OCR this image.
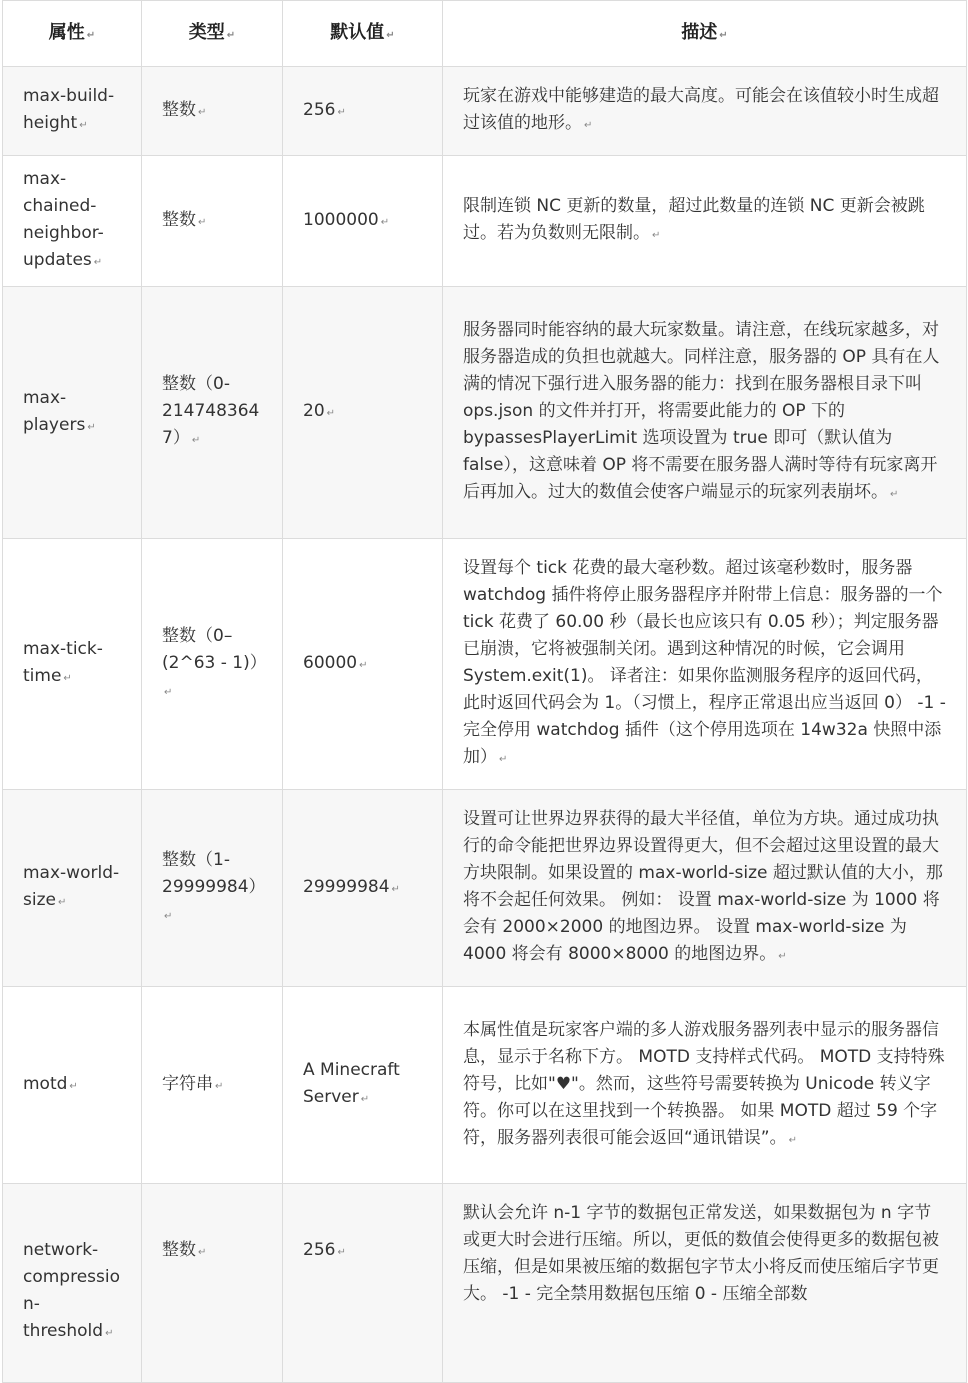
属性 ↵	类型 ↵	默认值 ↵	描述 ↵
max-build-height ↵	整数 ↵	256 ↵	玩家在游戏中能够建造的最大高度。可能会在该值较小时生成超过该值的地形。 ↵
max-chained-neighbor-updates ↵	整数 ↵	1000000 ↵	限制连锁 NC 更新的数量，超过此数量的连锁 NC 更新会被跳过。若为负数则无限制。 ↵
max-players ↵	整数（0-2147483647） ↵	20 ↵	服务器同时能容纳的最大玩家数量。请注意，在线玩家越多，对服务器造成的负担也就越大。同样注意，服务器的 OP 具有在人满的情况下强行进入服务器的能力：找到在服务器根目录下叫 ops.json 的文件并打开，将需要此能力的 OP 下的 bypassesPlayerLimit 选项设置为 true 即可（默认值为 false），这意味着 OP 将不需要在服务器人满时等待有玩家离开后再加入。过大的数值会使客户端显示的玩家列表崩坏。 ↵
max-tick-time ↵	整数（0–(2^63 - 1)） ↵	60000 ↵	设置每个 tick 花费的最大毫秒数。超过该毫秒数时，服务器 watchdog 插件将停止服务器程序并附带上信息：服务器的一个 tick 花费了 60.00 秒（最长也应该只有 0.05 秒）；判定服务器已崩溃，它将被强制关闭。遇到这种情况的时候，它会调用 System.exit(1)。 译者注：如果你监测服务程序的返回代码，此时返回代码会为 1。（习惯上，程序正常退出应当返回 0） -1 - 完全停用 watchdog 插件（这个停用选项在 14w32a 快照中添加） ↵
max-world-size ↵	整数（1-29999984） ↵	29999984 ↵	设置可让世界边界获得的最大半径值，单位为方块。通过成功执行的命令能把世界边界设置得更大，但不会超过这里设置的最大方块限制。如果设置的 max-world-size 超过默认值的大小，那将不会起任何效果。 例如： 设置 max-world-size 为 1000 将会有 2000×2000 的地图边界。 设置 max-world-size 为 4000 将会有 8000×8000 的地图边界。 ↵
motd ↵	字符串 ↵	A Minecraft Server ↵	本属性值是玩家客户端的多人游戏服务器列表中显示的服务器信息，显示于名称下方。 MOTD 支持样式代码。 MOTD 支持特殊符号，比如"♥"。然而，这些符号需要转换为 Unicode 转义字符。你可以在这里找到一个转换器。 如果 MOTD 超过 59 个字符，服务器列表很可能会返回“通讯错误”。 ↵
network-compression-threshold ↵	整数 ↵	256 ↵	默认会允许 n-1 字节的数据包正常发送，如果数据包为 n 字节或更大时会进行压缩。所以，更低的数值会使得更多的数据包被压缩，但是如果被压缩的数据包字节太小将反而使压缩后字节更大。 -1 - 完全禁用数据包压缩 0 - 压缩全部数
